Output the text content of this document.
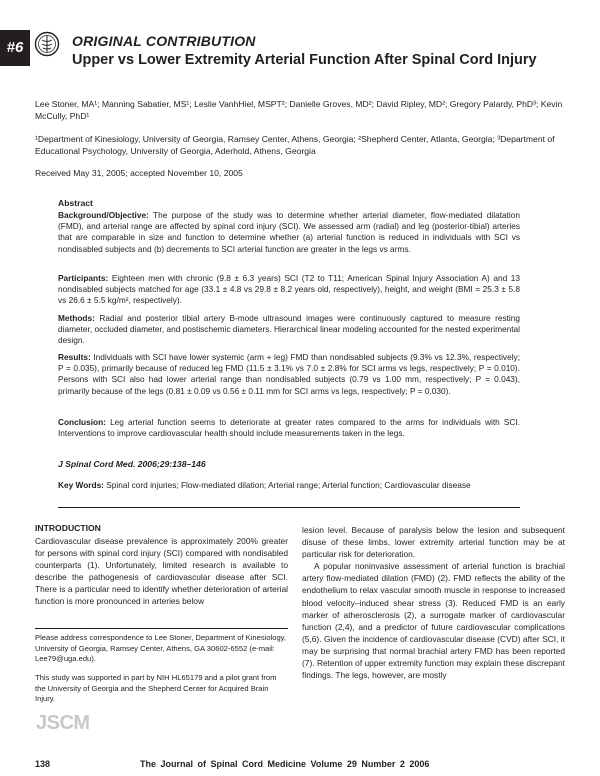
#6	ORIGINAL CONTRIBUTION
Upper vs Lower Extremity Arterial Function After Spinal Cord Injury
Lee Stoner, MA¹; Manning Sabatier, MS¹; Leslie VanhHiel, MSPT²; Danielle Groves, MD²; David Ripley, MD²; Gregory Palardy, PhD³; Kevin McCully, PhD¹
¹Department of Kinesiology, University of Georgia, Ramsey Center, Athens, Georgia; ²Shepherd Center, Atlanta, Georgia; ³Department of Educational Psychology, University of Georgia, Aderhold, Athens, Georgia
Received May 31, 2005; accepted November 10, 2005
Abstract
Background/Objective: The purpose of the study was to determine whether arterial diameter, flow-mediated dilatation (FMD), and arterial range are affected by spinal cord injury (SCI). We assessed arm (radial) and leg (posterior-tibial) arteries that are comparable in size and function to determine whether (a) arterial function is reduced in individuals with SCI vs nondisabled subjects and (b) decrements to SCI arterial function are greater in the legs vs arms.
Participants: Eighteen men with chronic (9.8 ± 6.3 years) SCI (T2 to T11; American Spinal Injury Association A) and 13 nondisabled subjects matched for age (33.1 ± 4.8 vs 29.8 ± 8.2 years old, respectively), height, and weight (BMI = 25.3 ± 5.8 vs 26.6 ± 5.5 kg/m², respectively).
Methods: Radial and posterior tibial artery B-mode ultrasound images were continuously captured to measure resting diameter, occluded diameter, and postischemic diameters. Hierarchical linear modeling accounted for the nested experimental design.
Results: Individuals with SCI have lower systemic (arm + leg) FMD than nondisabled subjects (9.3% vs 12.3%, respectively; P = 0.035), primarily because of reduced leg FMD (11.5 ± 3.1% vs 7.0 ± 2.8% for SCI arms vs legs, respectively; P = 0.010). Persons with SCI also had lower arterial range than nondisabled subjects (0.79 vs 1.00 mm, respectively; P = 0.043), primarily because of the legs (0.81 ± 0.09 vs 0.56 ± 0.11 mm for SCI arms vs legs, respectively; P = 0.030).
Conclusion: Leg arterial function seems to deteriorate at greater rates compared to the arms for individuals with SCI. Interventions to improve cardiovascular health should include measurements taken in the legs.
J Spinal Cord Med. 2006;29:138–146
Key Words: Spinal cord injuries; Flow-mediated dilation; Arterial range; Arterial function; Cardiovascular disease
INTRODUCTION

Cardiovascular disease prevalence is approximately 200% greater for persons with spinal cord injury (SCI) compared with nondisabled counterparts (1). Unfortunately, limited research is available to describe the pathogenesis of cardiovascular disease after SCI. There is a particular need to identify whether deterioration of arterial function is more pronounced in arteries below

lesion level. Because of paralysis below the lesion and subsequent disuse of these limbs, lower extremity arterial function may be at particular risk for deterioration.

A popular noninvasive assessment of arterial function is brachial artery flow-mediated dilation (FMD) (2). FMD reflects the ability of the endothelium to relax vascular smooth muscle in response to increased blood velocity–induced shear stress (3). Reduced FMD is an early marker of atherosclerosis (2), a surrogate marker of cardiovascular function (2,4), and a predictor of future cardiovascular complications (5,6). Given the incidence of cardiovascular disease (CVD) after SCI, it may be surprising that normal brachial artery FMD has been reported (7). Retention of upper extremity function may explain these discrepant findings. The legs, however, are mostly

Please address correspondence to Lee Stoner, Department of Kinesiology, University of Georgia, Ramsey Center, Athens, GA 30602-6552 (e-mail: Lee79@uga.edu).
This study was supported in part by NIH HL65179 and a pilot grant from the University of Georgia and the Shepherd Center for Acquired Brain Injury.
JSCM
138	The Journal of Spinal Cord Medicine Volume 29 Number 2 2006
